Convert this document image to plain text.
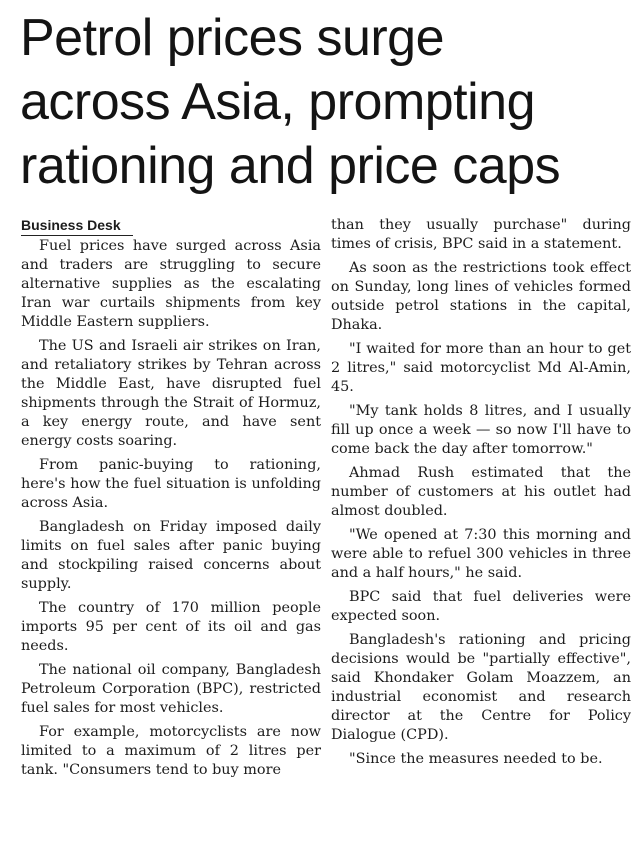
Petrol prices surge
across Asia, prompting
rationing and price caps
Business Desk

Fuel prices have surged across Asia and traders are struggling to secure alternative supplies as the escalating Iran war curtails shipments from key Middle Eastern suppliers.

The US and Israeli air strikes on Iran, and retaliatory strikes by Tehran across the Middle East, have disrupted fuel shipments through the Strait of Hormuz, a key energy route, and have sent energy costs soaring.

From panic-buying to rationing, here's how the fuel situation is unfolding across Asia.

Bangladesh on Friday imposed daily limits on fuel sales after panic buying and stockpiling raised concerns about supply.

The country of 170 million people imports 95 per cent of its oil and gas needs.

The national oil company, Bangladesh Petroleum Corporation (BPC), restricted fuel sales for most vehicles.

For example, motorcyclists are now limited to a maximum of 2 litres per tank. "Consumers tend to buy more

than they usually purchase" during times of crisis, BPC said in a statement.

As soon as the restrictions took effect on Sunday, long lines of vehicles formed outside petrol stations in the capital, Dhaka.

"I waited for more than an hour to get 2 litres," said motorcyclist Md Al-Amin, 45.

"My tank holds 8 litres, and I usually fill up once a week — so now I'll have to come back the day after tomorrow."

Ahmad Rush estimated that the number of customers at his outlet had almost doubled.

"We opened at 7:30 this morning and were able to refuel 300 vehicles in three and a half hours," he said.

BPC said that fuel deliveries were expected soon.

Bangladesh's rationing and pricing decisions would be "partially effective", said Khondaker Golam Moazzem, an industrial economist and research director at the Centre for Policy Dialogue (CPD).

"Since the measures needed to be.
